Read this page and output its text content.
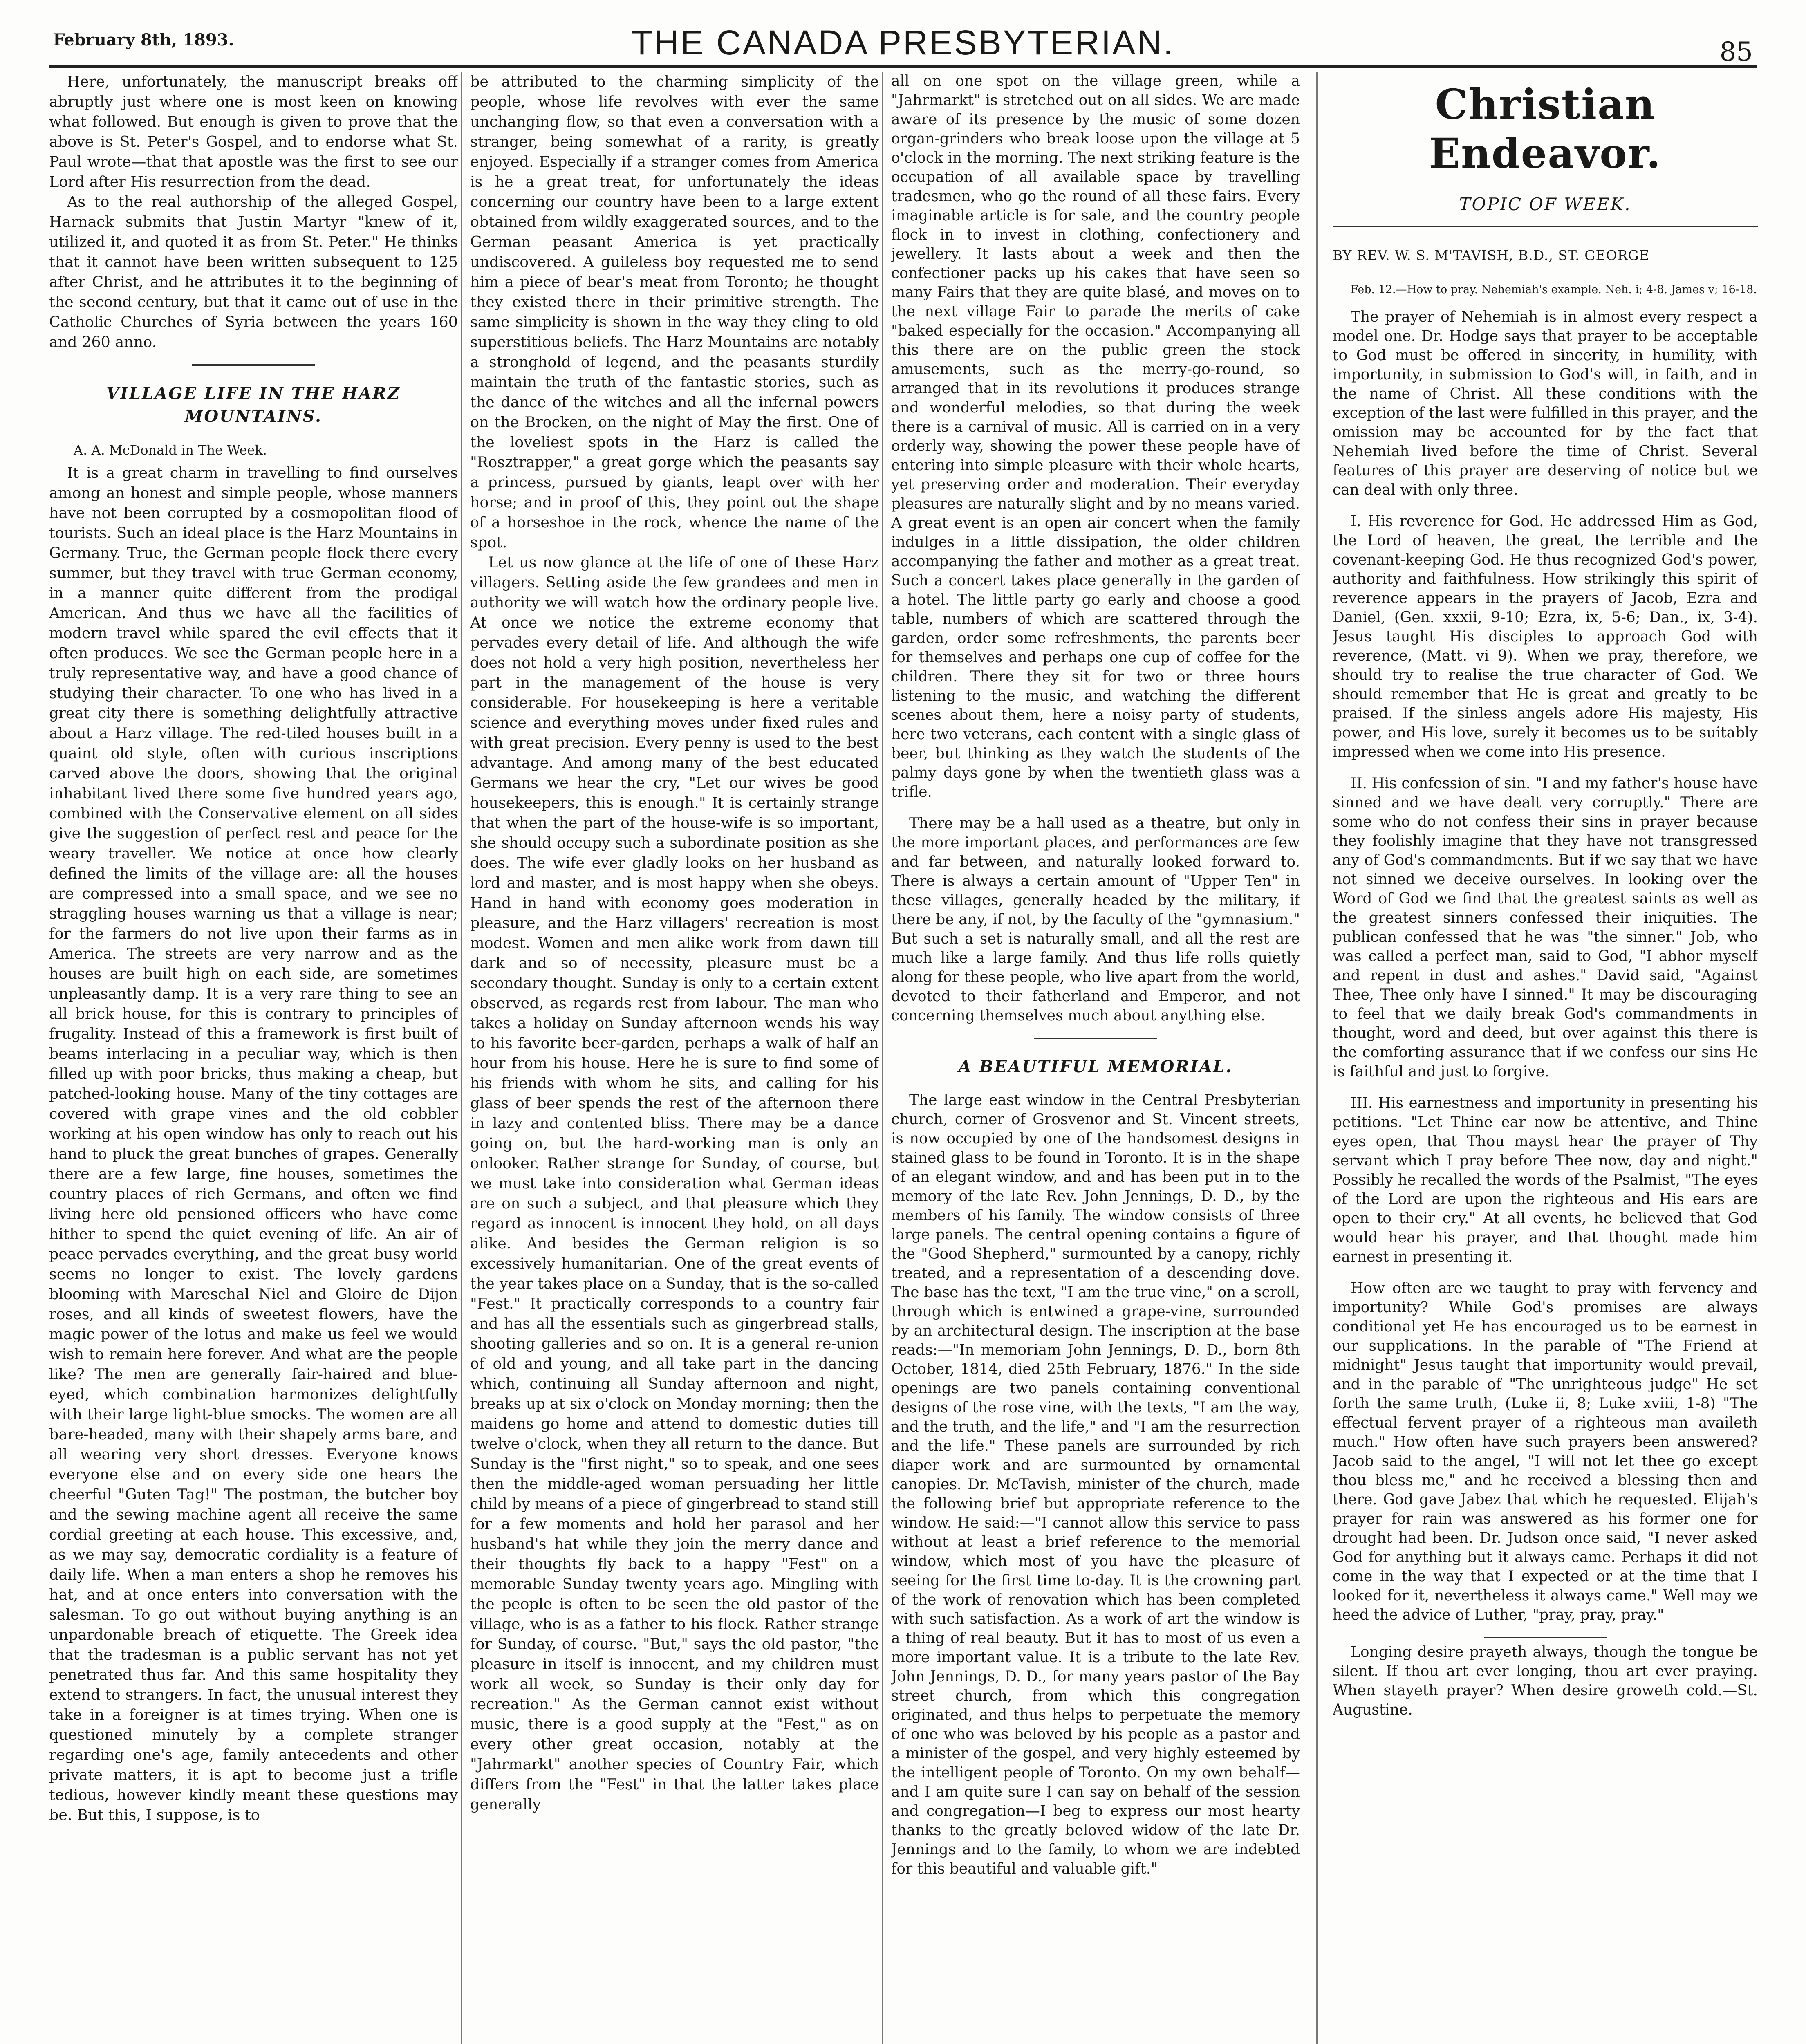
February 8th, 1893.	THE CANADA PRESBYTERIAN.	85

Here, unfortunately, the manuscript breaks off abruptly just where one is most keen on knowing what followed. But enough is given to prove that the above is St. Peter's Gospel, and to endorse what St. Paul wrote—that that apostle was the first to see our Lord after His resurrection from the dead.

As to the real authorship of the alleged Gospel, Harnack submits that Justin Martyr "knew of it, utilized it, and quoted it as from St. Peter." He thinks that it cannot have been written subsequent to 125 after Christ, and he attributes it to the beginning of the second century, but that it came out of use in the Catholic Churches of Syria between the years 160 and 260 anno.

VILLAGE LIFE IN THE HARZ MOUNTAINS.

A. A. McDonald in The Week.

It is a great charm in travelling to find ourselves among an honest and simple people, whose manners have not been corrupted by a cosmopolitan flood of tourists. Such an ideal place is the Harz Mountains in Germany. True, the German people flock there every summer, but they travel with true German economy, in a manner quite different from the prodigal American. And thus we have all the facilities of modern travel while spared the evil effects that it often produces. We see the German people here in a truly representative way, and have a good chance of studying their character. To one who has lived in a great city there is something delightfully attractive about a Harz village. The red-tiled houses built in a quaint old style, often with curious inscriptions carved above the doors, showing that the original inhabitant lived there some five hundred years ago, combined with the Conservative element on all sides give the suggestion of perfect rest and peace for the weary traveller. We notice at once how clearly defined the limits of the village are: all the houses are compressed into a small space, and we see no straggling houses warning us that a village is near; for the farmers do not live upon their farms as in America. The streets are very narrow and as the houses are built high on each side, are sometimes unpleasantly damp. It is a very rare thing to see an all brick house, for this is contrary to principles of frugality. Instead of this a framework is first built of beams interlacing in a peculiar way, which is then filled up with poor bricks, thus making a cheap, but patched-looking house. Many of the tiny cottages are covered with grape vines and the old cobbler working at his open window has only to reach out his hand to pluck the great bunches of grapes. Generally there are a few large, fine houses, sometimes the country places of rich Germans, and often we find living here old pensioned officers who have come hither to spend the quiet evening of life. An air of peace pervades everything, and the great busy world seems no longer to exist. The lovely gardens blooming with Mareschal Niel and Gloire de Dijon roses, and all kinds of sweetest flowers, have the magic power of the lotus and make us feel we would wish to remain here forever. And what are the people like? The men are generally fair-haired and blue-eyed, which combination harmonizes delightfully with their large light-blue smocks. The women are all bare-headed, many with their shapely arms bare, and all wearing very short dresses. Everyone knows everyone else and on every side one hears the cheerful "Guten Tag!" The postman, the butcher boy and the sewing machine agent all receive the same cordial greeting at each house. This excessive, and, as we may say, democratic cordiality is a feature of daily life. When a man enters a shop he removes his hat, and at once enters into conversation with the salesman. To go out without buying anything is an unpardonable breach of etiquette. The Greek idea that the tradesman is a public servant has not yet penetrated thus far. And this same hospitality they extend to strangers. In fact, the unusual interest they take in a foreigner is at times trying. When one is questioned minutely by a complete stranger regarding one's age, family antecedents and other private matters, it is apt to become just a trifle tedious, however kindly meant these questions may be. But this, I suppose, is to

be attributed to the charming simplicity of the people, whose life revolves with ever the same unchanging flow, so that even a conversation with a stranger, being somewhat of a rarity, is greatly enjoyed. Especially if a stranger comes from America is he a great treat, for unfortunately the ideas concerning our country have been to a large extent obtained from wildly exaggerated sources, and to the German peasant America is yet practically undiscovered. A guileless boy requested me to send him a piece of bear's meat from Toronto; he thought they existed there in their primitive strength. The same simplicity is shown in the way they cling to old superstitious beliefs. The Harz Mountains are notably a stronghold of legend, and the peasants sturdily maintain the truth of the fantastic stories, such as the dance of the witches and all the infernal powers on the Brocken, on the night of May the first. One of the loveliest spots in the Harz is called the "Rosztrapper," a great gorge which the peasants say a princess, pursued by giants, leapt over with her horse; and in proof of this, they point out the shape of a horseshoe in the rock, whence the name of the spot.

Let us now glance at the life of one of these Harz villagers. Setting aside the few grandees and men in authority we will watch how the ordinary people live. At once we notice the extreme economy that pervades every detail of life. And although the wife does not hold a very high position, nevertheless her part in the management of the house is very considerable. For housekeeping is here a veritable science and everything moves under fixed rules and with great precision. Every penny is used to the best advantage. And among many of the best educated Germans we hear the cry, "Let our wives be good housekeepers, this is enough." It is certainly strange that when the part of the house-wife is so important, she should occupy such a subordinate position as she does. The wife ever gladly looks on her husband as lord and master, and is most happy when she obeys. Hand in hand with economy goes moderation in pleasure, and the Harz villagers' recreation is most modest. Women and men alike work from dawn till dark and so of necessity, pleasure must be a secondary thought. Sunday is only to a certain extent observed, as regards rest from labour. The man who takes a holiday on Sunday afternoon wends his way to his favorite beer-garden, perhaps a walk of half an hour from his house. Here he is sure to find some of his friends with whom he sits, and calling for his glass of beer spends the rest of the afternoon there in lazy and contented bliss. There may be a dance going on, but the hard-working man is only an onlooker. Rather strange for Sunday, of course, but we must take into consideration what German ideas are on such a subject, and that pleasure which they regard as innocent is innocent they hold, on all days alike. And besides the German religion is so excessively humanitarian. One of the great events of the year takes place on a Sunday, that is the so-called "Fest." It practically corresponds to a country fair and has all the essentials such as gingerbread stalls, shooting galleries and so on. It is a general re-union of old and young, and all take part in the dancing which, continuing all Sunday afternoon and night, breaks up at six o'clock on Monday morning; then the maidens go home and attend to domestic duties till twelve o'clock, when they all return to the dance. But Sunday is the "first night," so to speak, and one sees then the middle-aged woman persuading her little child by means of a piece of gingerbread to stand still for a few moments and hold her parasol and her husband's hat while they join the merry dance and their thoughts fly back to a happy "Fest" on a memorable Sunday twenty years ago. Mingling with the people is often to be seen the old pastor of the village, who is as a father to his flock. Rather strange for Sunday, of course. "But," says the old pastor, "the pleasure in itself is innocent, and my children must work all week, so Sunday is their only day for recreation." As the German cannot exist without music, there is a good supply at the "Fest," as on every other great occasion, notably at the "Jahrmarkt" another species of Country Fair, which differs from the "Fest" in that the latter takes place generally

all on one spot on the village green, while a "Jahrmarkt" is stretched out on all sides. We are made aware of its presence by the music of some dozen organ-grinders who break loose upon the village at 5 o'clock in the morning. The next striking feature is the occupation of all available space by travelling tradesmen, who go the round of all these fairs. Every imaginable article is for sale, and the country people flock in to invest in clothing, confectionery and jewellery. It lasts about a week and then the confectioner packs up his cakes that have seen so many Fairs that they are quite blasé, and moves on to the next village Fair to parade the merits of cake "baked especially for the occasion." Accompanying all this there are on the public green the stock amusements, such as the merry-go-round, so arranged that in its revolutions it produces strange and wonderful melodies, so that during the week there is a carnival of music. All is carried on in a very orderly way, showing the power these people have of entering into simple pleasure with their whole hearts, yet preserving order and moderation. Their everyday pleasures are naturally slight and by no means varied. A great event is an open air concert when the family indulges in a little dissipation, the older children accompanying the father and mother as a great treat. Such a concert takes place generally in the garden of a hotel. The little party go early and choose a good table, numbers of which are scattered through the garden, order some refreshments, the parents beer for themselves and perhaps one cup of coffee for the children. There they sit for two or three hours listening to the music, and watching the different scenes about them, here a noisy party of students, here two veterans, each content with a single glass of beer, but thinking as they watch the students of the palmy days gone by when the twentieth glass was a trifle.

There may be a hall used as a theatre, but only in the more important places, and performances are few and far between, and naturally looked forward to. There is always a certain amount of "Upper Ten" in these villages, generally headed by the military, if there be any, if not, by the faculty of the "gymnasium." But such a set is naturally small, and all the rest are much like a large family. And thus life rolls quietly along for these people, who live apart from the world, devoted to their fatherland and Emperor, and not concerning themselves much about anything else.

A BEAUTIFUL MEMORIAL.

The large east window in the Central Presbyterian church, corner of Grosvenor and St. Vincent streets, is now occupied by one of the handsomest designs in stained glass to be found in Toronto. It is in the shape of an elegant window, and and has been put in to the memory of the late Rev. John Jennings, D. D., by the members of his family. The window consists of three large panels. The central opening contains a figure of the "Good Shepherd," surmounted by a canopy, richly treated, and a representation of a descending dove. The base has the text, "I am the true vine," on a scroll, through which is entwined a grape-vine, surrounded by an architectural design. The inscription at the base reads:—"In memoriam John Jennings, D. D., born 8th October, 1814, died 25th February, 1876." In the side openings are two panels containing conventional designs of the rose vine, with the texts, "I am the way, and the truth, and the life," and "I am the resurrection and the life." These panels are surrounded by rich diaper work and are surmounted by ornamental canopies. Dr. McTavish, minister of the church, made the following brief but appropriate reference to the window. He said:—"I cannot allow this service to pass without at least a brief reference to the memorial window, which most of you have the pleasure of seeing for the first time to-day. It is the crowning part of the work of renovation which has been completed with such satisfaction. As a work of art the window is a thing of real beauty. But it has to most of us even a more important value. It is a tribute to the late Rev. John Jennings, D. D., for many years pastor of the Bay street church, from which this congregation originated, and thus helps to perpetuate the memory of one who was beloved by his people as a pastor and a minister of the gospel, and very highly esteemed by the intelligent people of Toronto. On my own behalf—and I am quite sure I can say on behalf of the session and congregation—I beg to express our most hearty thanks to the greatly beloved widow of the late Dr. Jennings and to the family, to whom we are indebted for this beautiful and valuable gift."

Christian Endeavor.
TOPIC OF WEEK.
BY REV. W. S. M'TAVISH, B.D., ST. GEORGE

Feb. 12.—How to pray. Nehemiah's example. Neh. i; 4-8. James v; 16-18.

The prayer of Nehemiah is in almost every respect a model one. Dr. Hodge says that prayer to be acceptable to God must be offered in sincerity, in humility, with importunity, in submission to God's will, in faith, and in the name of Christ. All these conditions with the exception of the last were fulfilled in this prayer, and the omission may be accounted for by the fact that Nehemiah lived before the time of Christ. Several features of this prayer are deserving of notice but we can deal with only three.

I. His reverence for God. He addressed Him as God, the Lord of heaven, the great, the terrible and the covenant-keeping God. He thus recognized God's power, authority and faithfulness. How strikingly this spirit of reverence appears in the prayers of Jacob, Ezra and Daniel, (Gen. xxxii, 9-10; Ezra, ix, 5-6; Dan., ix, 3-4). Jesus taught His disciples to approach God with reverence, (Matt. vi 9). When we pray, therefore, we should try to realise the true character of God. We should remember that He is great and greatly to be praised. If the sinless angels adore His majesty, His power, and His love, surely it becomes us to be suitably impressed when we come into His presence.

II. His confession of sin. "I and my father's house have sinned and we have dealt very corruptly." There are some who do not confess their sins in prayer because they foolishly imagine that they have not transgressed any of God's commandments. But if we say that we have not sinned we deceive ourselves. In looking over the Word of God we find that the greatest saints as well as the greatest sinners confessed their iniquities. The publican confessed that he was "the sinner." Job, who was called a perfect man, said to God, "I abhor myself and repent in dust and ashes." David said, "Against Thee, Thee only have I sinned." It may be discouraging to feel that we daily break God's commandments in thought, word and deed, but over against this there is the comforting assurance that if we confess our sins He is faithful and just to forgive.

III. His earnestness and importunity in presenting his petitions. "Let Thine ear now be attentive, and Thine eyes open, that Thou mayst hear the prayer of Thy servant which I pray before Thee now, day and night." Possibly he recalled the words of the Psalmist, "The eyes of the Lord are upon the righteous and His ears are open to their cry." At all events, he believed that God would hear his prayer, and that thought made him earnest in presenting it.

How often are we taught to pray with fervency and importunity? While God's promises are always conditional yet He has encouraged us to be earnest in our supplications. In the parable of "The Friend at midnight" Jesus taught that importunity would prevail, and in the parable of "The unrighteous judge" He set forth the same truth, (Luke ii, 8; Luke xviii, 1-8) "The effectual fervent prayer of a righteous man availeth much." How often have such prayers been answered? Jacob said to the angel, "I will not let thee go except thou bless me," and he received a blessing then and there. God gave Jabez that which he requested. Elijah's prayer for rain was answered as his former one for drought had been. Dr. Judson once said, "I never asked God for anything but it always came. Perhaps it did not come in the way that I expected or at the time that I looked for it, nevertheless it always came." Well may we heed the advice of Luther, "pray, pray, pray."

Longing desire prayeth always, though the tongue be silent. If thou art ever longing, thou art ever praying. When stayeth prayer? When desire groweth cold.—St. Augustine.
